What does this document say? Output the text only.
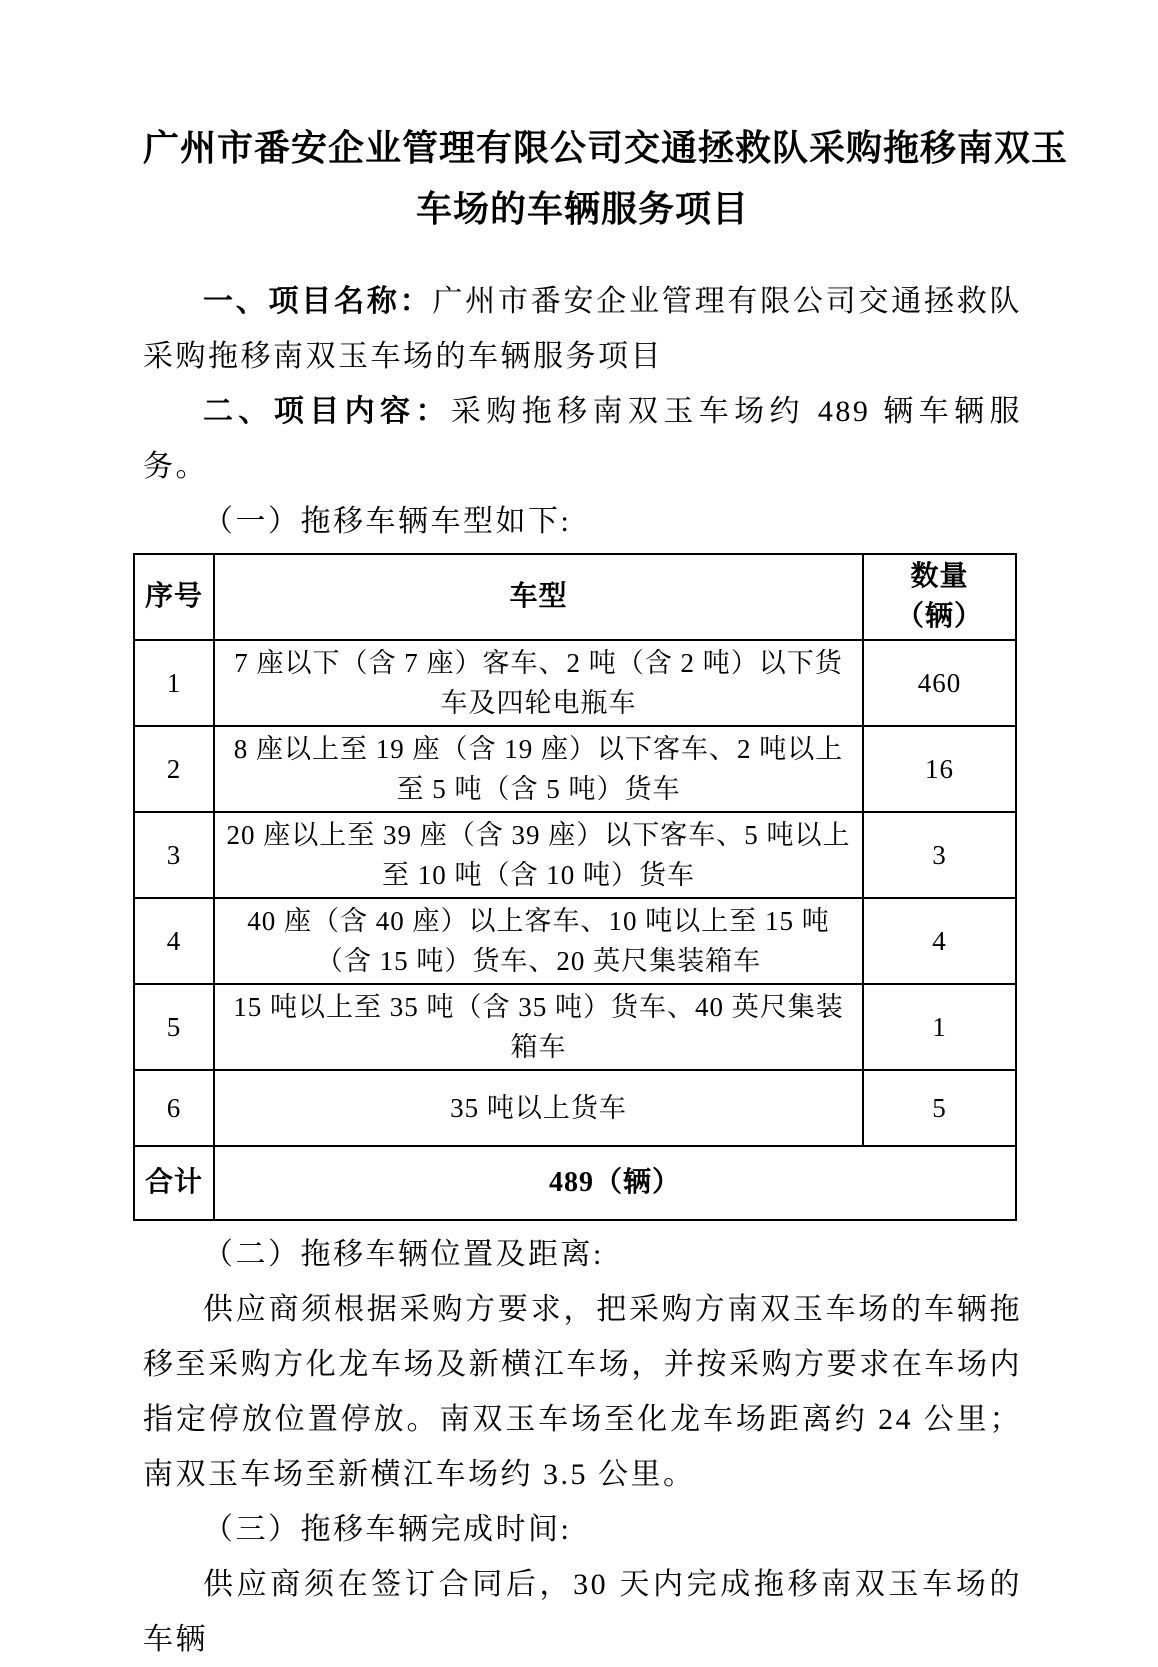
广州市番安企业管理有限公司交通拯救队采购拖移南双玉
车场的车辆服务项目

一、项目名称：广州市番安企业管理有限公司交通拯救队采购拖移南双玉车场的车辆服务项目

二、项目内容：采购拖移南双玉车场约 489 辆车辆服务。

（一）拖移车辆车型如下:

序号	车型	数量（辆）
1	7 座以下（含 7 座）客车、2 吨（含 2 吨）以下货车及四轮电瓶车	460
2	8 座以上至 19 座（含 19 座）以下客车、2 吨以上至 5 吨（含 5 吨）货车	16
3	20 座以上至 39 座（含 39 座）以下客车、5 吨以上至 10 吨（含 10 吨）货车	3
4	40 座（含 40 座）以上客车、10 吨以上至 15 吨（含 15 吨）货车、20 英尺集装箱车	4
5	15 吨以上至 35 吨（含 35 吨）货车、40 英尺集装箱车	1
6	35 吨以上货车	5
合计	489（辆）	

（二）拖移车辆位置及距离:

供应商须根据采购方要求，把采购方南双玉车场的车辆拖移至采购方化龙车场及新横江车场，并按采购方要求在车场内指定停放位置停放。南双玉车场至化龙车场距离约 24 公里；南双玉车场至新横江车场约 3.5 公里。

（三）拖移车辆完成时间:

供应商须在签订合同后，30 天内完成拖移南双玉车场的车辆
